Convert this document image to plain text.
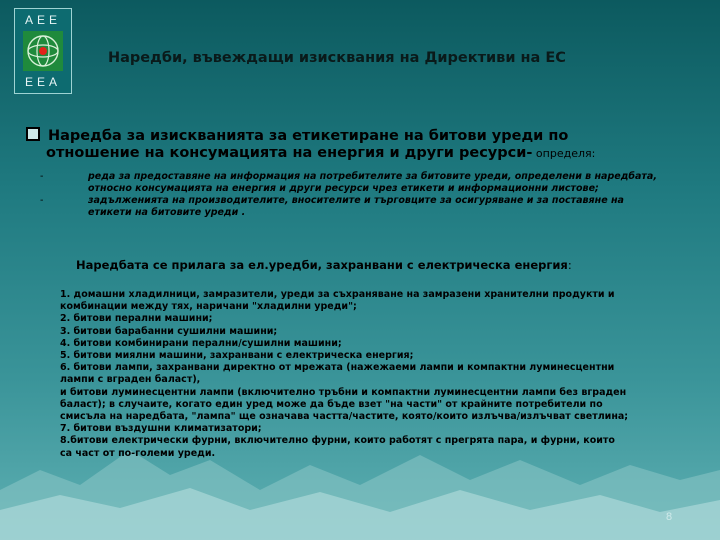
AEE
EEA
Наредби, въвеждащи изисквания на Директиви на ЕС
Наредба за изискванията за етикетиране на битови уреди по
отношение на консумацията на енергия и други ресурси- определя:
-	реда за предоставяне на информация на потребителите за битовите уреди, определени в наредбата,
относно консумацията на енергия и други ресурси чрез етикети и информационни листове;
-	задълженията на производителите, вносителите и търговците за осигуряване и за поставяне на
етикети на битовите уреди .
Наредбата се прилага за ел.уредби, захранвани с електрическа енергия:
1. домашни хладилници, замразители, уреди за съхраняване на замразени хранителни продукти и
комбинации между тях, наричани "хладилни уреди";
2. битови перални машини;
3. битови барабанни сушилни машини;
4. битови комбинирани перални/сушилни машини;
5. битови миялни машини, захранвани с електрическа енергия;
6. битови лампи, захранвани директно от мрежата (нажежаеми лампи и компактни луминесцентни
лампи с вграден баласт),
и битови луминесцентни лампи (включително тръбни и компактни луминесцентни лампи без вграден
баласт); в случаите, когато един уред може да бъде взет "на части" от крайните потребители по
смисъла на наредбата, "лампа" ще означава частта/частите, която/които излъчва/излъчват светлина;
7. битови въздушни климатизатори;
8.битови електрически фурни, включително фурни, които работят с прегрята пара, и фурни, които
са част от по-големи уреди.
8
